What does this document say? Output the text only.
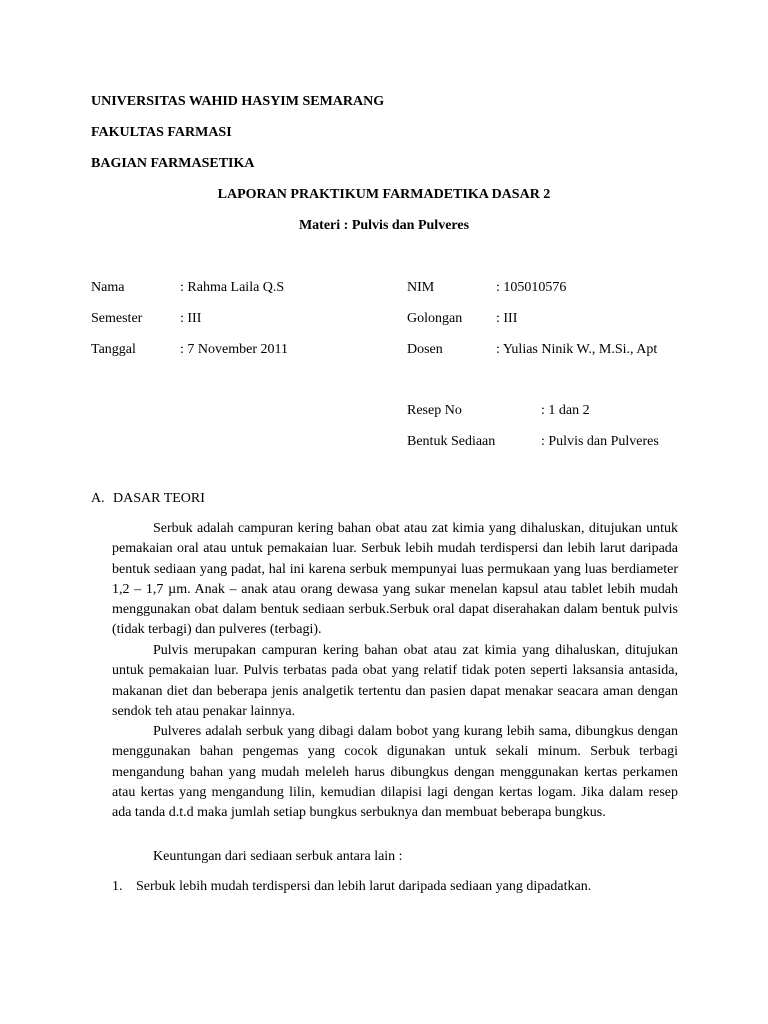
UNIVERSITAS WAHID HASYIM SEMARANG
FAKULTAS FARMASI
BAGIAN FARMASETIKA
LAPORAN PRAKTIKUM FARMADETIKA DASAR 2
Materi : Pulvis dan Pulveres
Nama	: Rahma Laila Q.S
Semester	: III
Tanggal	: 7 November 2011
NIM	: 105010576
Golongan : III
Dosen	: Yulias Ninik W., M.Si., Apt
Resep No	: 1 dan 2
Bentuk Sediaan	: Pulvis dan Pulveres
A. DASAR TEORI

Serbuk adalah campuran kering bahan obat atau zat kimia yang dihaluskan, ditujukan untuk pemakaian oral atau untuk pemakaian luar. Serbuk lebih mudah terdispersi dan lebih larut daripada bentuk sediaan yang padat, hal ini karena serbuk mempunyai luas permukaan yang luas berdiameter 1,2 – 1,7 µm. Anak – anak atau orang dewasa yang sukar menelan kapsul atau tablet lebih mudah menggunakan obat dalam bentuk sediaan serbuk.Serbuk oral dapat diserahakan dalam bentuk pulvis (tidak terbagi) dan pulveres (terbagi).

Pulvis merupakan campuran kering bahan obat atau zat kimia yang dihaluskan, ditujukan untuk pemakaian luar. Pulvis terbatas pada obat yang relatif tidak poten seperti laksansia antasida, makanan diet dan beberapa jenis analgetik tertentu dan pasien dapat menakar seacara aman dengan sendok teh atau penakar lainnya.

Pulveres adalah serbuk yang dibagi dalam bobot yang kurang lebih sama, dibungkus dengan menggunakan bahan pengemas yang cocok digunakan untuk sekali minum. Serbuk terbagi mengandung bahan yang mudah meleleh harus dibungkus dengan menggunakan kertas perkamen atau kertas yang mengandung lilin, kemudian dilapisi lagi dengan kertas logam. Jika dalam resep ada tanda d.t.d maka jumlah setiap bungkus serbuknya dan membuat beberapa bungkus.

Keuntungan dari sediaan serbuk antara lain :
1. Serbuk lebih mudah terdispersi dan lebih larut daripada sediaan yang dipadatkan.
